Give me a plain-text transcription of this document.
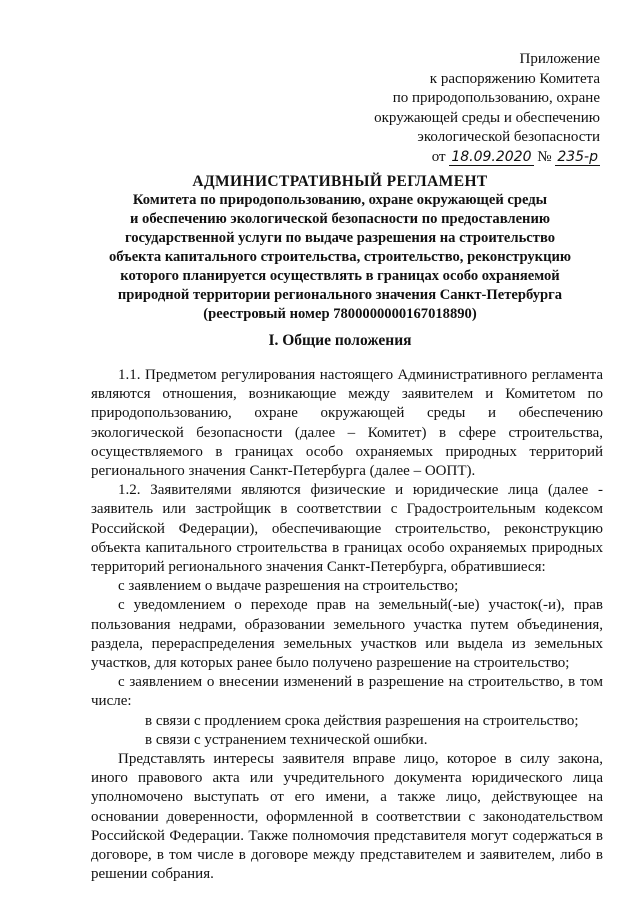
Приложение
к распоряжению Комитета
по природопользованию, охране
окружающей среды и обеспечению
экологической безопасности
от 18.09.2020 № 235-р
АДМИНИСТРАТИВНЫЙ РЕГЛАМЕНТ
Комитета по природопользованию, охране окружающей среды
и обеспечению экологической безопасности по предоставлению
государственной услуги по выдаче разрешения на строительство
объекта капитального строительства, строительство, реконструкцию
которого планируется осуществлять в границах особо охраняемой
природной территории регионального значения Санкт-Петербурга
(реестровый номер 7800000000167018890)
I. Общие положения

1.1. Предметом регулирования настоящего Административного регламента являются отношения, возникающие между заявителем и Комитетом по природопользованию, охране окружающей среды и обеспечению экологической безопасности (далее – Комитет) в сфере строительства, осуществляемого в границах особо охраняемых природных территорий регионального значения Санкт-Петербурга (далее – ООПТ).

1.2. Заявителями являются физические и юридические лица (далее - заявитель или застройщик в соответствии с Градостроительным кодексом Российской Федерации), обеспечивающие строительство, реконструкцию объекта капитального строительства в границах особо охраняемых природных территорий регионального значения Санкт-Петербурга, обратившиеся:

с заявлением о выдаче разрешения на строительство;

с уведомлением о переходе прав на земельный(-ые) участок(-и), прав пользования недрами, образовании земельного участка путем объединения, раздела, перераспределения земельных участков или выдела из земельных участков, для которых ранее было получено разрешение на строительство;

с заявлением о внесении изменений в разрешение на строительство, в том числе:

в связи с продлением срока действия разрешения на строительство;

в связи с устранением технической ошибки.

Представлять интересы заявителя вправе лицо, которое в силу закона, иного правового акта или учредительного документа юридического лица уполномочено выступать от его имени, а также лицо, действующее на основании доверенности, оформленной в соответствии с законодательством Российской Федерации. Также полномочия представителя могут содержаться в договоре, в том числе в договоре между представителем и заявителем, либо в решении собрания.
